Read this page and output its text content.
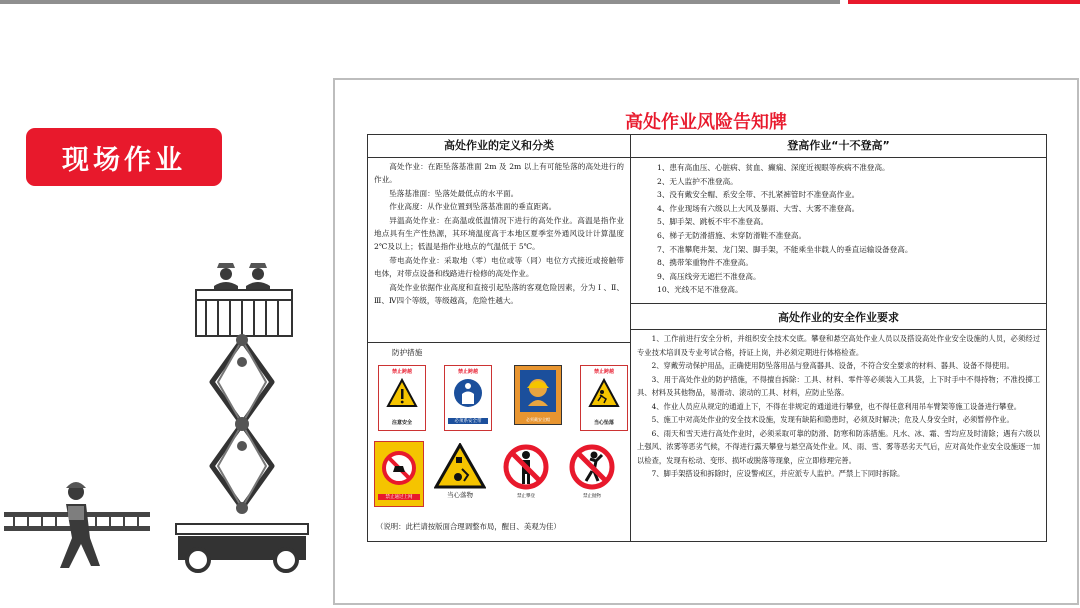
现场作业
高处作业风险告知牌
高处作业的定义和分类

高处作业：在距坠落基准面 2m 及 2m 以上有可能坠落的高处进行的作业。

坠落基准面：坠落处最低点的水平面。

作业高度：从作业位置到坠落基准面的垂直距离。

异温高处作业：在高温或低温情况下进行的高处作业。高温是指作业地点具有生产性热源，其环境温度高于本地区夏季室外通风设计计算温度 2℃及以上；低温是指作业地点的气温低于 5℃。

带电高处作业：采取地（零）电位或等（同）电位方式接近或接触带电体，对带点设备和线路进行检修的高处作业。

高处作业依据作业高度和直接引起坠落的客观危险因素，分为 Ⅰ 、Ⅱ、Ⅲ、Ⅳ四个等级，等级越高，危险性越大。

防护措施
禁止跨越
注意安全
禁止跨越
必须系安全带	必须戴安全帽
禁止跨越
当心坠落
禁止通过上网	当心落物	禁止攀登	禁止抛物
（说明：此栏请按版面合理调整布局，醒目、美观为佳）
登高作业“十不登高”

1、患有高血压、心脏病、贫血、癫痫、深度近视眼等疾病不准登高。

2、无人监护不准登高。

3、没有戴安全帽、系安全带、不扎紧裤管时不准登高作业。

4、作业现场有六级以上大风及暴雨、大雪、大雾不准登高。

5、脚手架、跳板不牢不准登高。

6、梯子无防滑措施、未穿防滑鞋不准登高。

7、不准攀爬井架、龙门架、脚手架，不能乘坐非载人的垂直运输设备登高。

8、携带笨重物件不准登高。

9、高压线旁无遮拦不准登高。

10、光线不足不准登高。

高处作业的安全作业要求

1、工作前进行安全分析，并组织安全技术交底。攀登和悬空高处作业人员以及搭设高处作业安全设施的人员，必须经过专业技术培训及专业考试合格，持证上岗，并必须定期进行体格检查。

2、穿戴劳动保护用品，正确使用防坠落用品与登高器具、设备，不符合安全要求的材料、器具、设备不得使用。

3、用于高处作业的防护措施，不得擅自拆除：工具、材料、零件等必须装入工具袋，上下时手中不得持物；不准投掷工具、材料及其他物品，易滑动、滚动的工具、材料，应防止坠落。

4、作业人员应从规定的通道上下，不得在非规定的通道进行攀登，也不得任意利用吊车臂架等施工设备进行攀登。

5、施工中对高处作业的安全技术设施，发现有缺陷和隐患时，必须及时解决；危及人身安全时，必须暂停作业。

6、雨天和雪天进行高处作业时，必须采取可靠的防滑、防寒和防冻措施。凡水、冰、霜、雪均应及时清除；遇有六级以上强风、浓雾等恶劣气候，不得进行露天攀登与悬空高处作业。风、雨、雪、雾等恶劣天气后，应对高处作业安全设施逐一加以检查，发现有松动、变形、损坏或脱落等现象，应立即修理完善。

7、脚手架搭设和拆除时，应设警戒区，并应派专人监护。严禁上下同时拆除。
